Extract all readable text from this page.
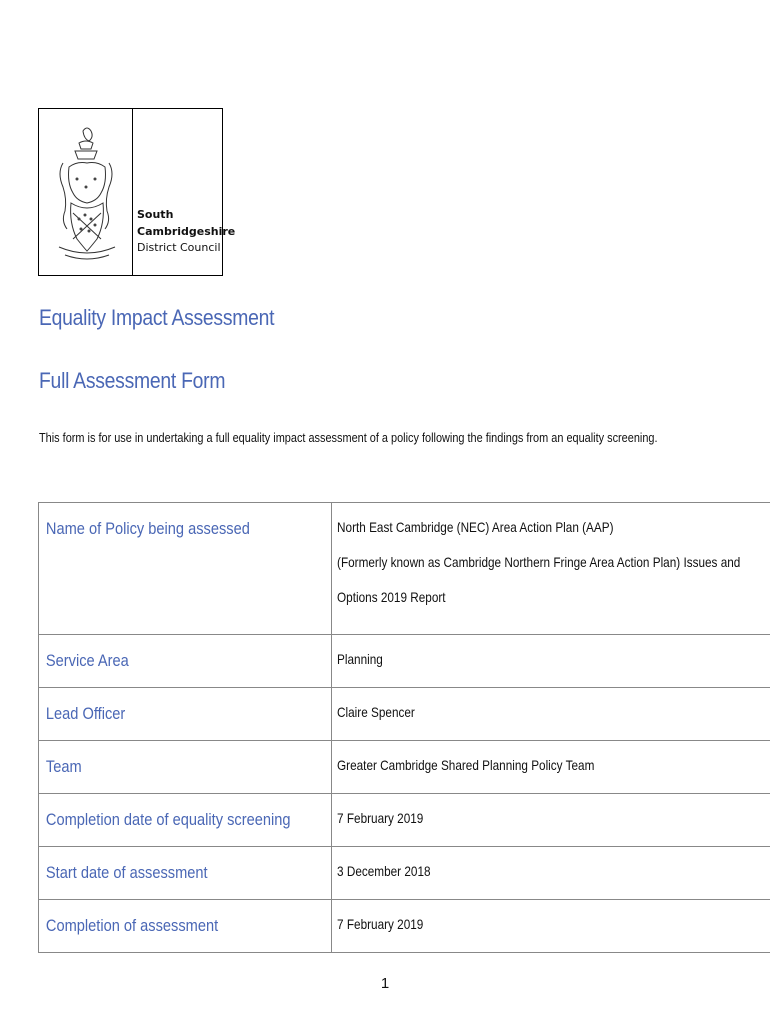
South
Cambridgeshire
District Council
Equality Impact Assessment
Full Assessment Form

This form is for use in undertaking a full equality impact assessment of a policy following the findings from an equality screening.

Name of Policy being assessed	North East Cambridge (NEC) Area Action Plan (AAP)
(Formerly known as Cambridge Northern Fringe Area Action Plan) Issues and
Options 2019 Report

Service Area	Planning

Lead Officer	Claire Spencer

Team	Greater Cambridge Shared Planning Policy Team

Completion date of equality screening	7 February 2019

Start date of assessment	3 December 2018

Completion of assessment	7 February 2019
1
